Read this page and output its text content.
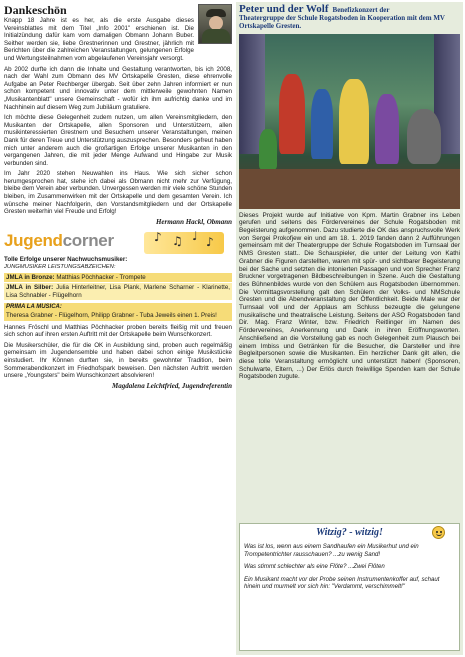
Dankeschön

Knapp 18 Jahre ist es her, als die erste Ausgabe dieses Vereinsblattes mit dem Titel „Info 2001" erschienen ist. Die Initialzündung dafür kam vom damaligen Obmann Johann Buber. Seither werden sie, liebe Grestnerinnen und Grestner, jährlich mit Berichten über die zahlreichen Veranstaltungen, gelungenen Erfolge und Wertungsteilnahmen vom abgelaufenen Vereinsjahr versorgt.

Ab 2002 durfte ich dann die Inhalte und Gestaltung verantworten, bis ich 2008, nach der Wahl zum Obmann des MV Ortskapelle Gresten, diese ehrenvolle Aufgabe an Peter Rechberger übergab. Seit über zehn Jahren informiert er nun schon kompetent und innovativ unter dem mittlerweile gewohnten Namen „Musikantenblatt" unsere Gemeinschaft - wofür ich ihm aufrichtig danke und im Nachhinein auf diesem Weg zum Jubiläum gratuliere.

Ich möchte diese Gelegenheit zudem nutzen, um allen Vereinsmitgliedern, den Musikanten der Ortskapelle, allen Sponsoren und Unterstützern, allen musikinteressierten Grestnern und Besuchern unserer Veranstaltungen, meinen Dank für deren Treue und Unterstützung auszusprechen. Besonders gefreut haben mich unter anderem auch die großartigen Erfolge unserer Musikanten in den vergangenen Jahren, die mit jeder Menge Aufwand und Hingabe zur Musik verbunden sind.

Im Jahr 2020 stehen Neuwahlen ins Haus. Wie sich sicher schon herumgesprochen hat, stehe ich dabei als Obmann nicht mehr zur Verfügung, bleibe dem Verein aber verbunden. Unvergessen werden mir viele schöne Stunden bleiben, im Zusammenwirken mit der Ortskapelle und dem gesamten Verein. Ich wünsche meiner Nachfolgerin, den Vorstandsmitgliedern und der Ortskapelle Gresten weiterhin viel Freude und Erfolg!

Hermann Hackl, Obmann
Jugendcorner	♪ ♫ ♩ ♪
Tolle Erfolge unserer Nachwuchsmusiker:
JUNGMUSIKER LEISTUNGSABZEICHEN:
JMLA in Bronze: Matthias Pöchhacker - Trompete
JMLA in Silber: Julia Hinterleitner, Lisa Plank, Marlene Scharner - Klarinette, Lisa Schnabler - Flügelhorn
PRIMA LA MUSICA:
Theresa Grabner - Flügelhorn, Philipp Grabner - Tuba Jeweils einen 1. Preis!

Hannes Fröschl und Matthias Pöchhacker proben bereits fleißig mit und freuen sich schon auf ihren ersten Auftritt mit der Ortskapelle beim Wunschkonzert.

Die Musikerschüler, die für die OK in Ausbildung sind, proben auch regelmäßig gemeinsam im Jugendensemble und haben dabei schon einige Musikstücke einstudiert. Ihr Können durften sie, in bereits gewohnter Tradition, beim Sommerabendkonzert im Friedhofspark beweisen. Den nächsten Auftritt werden unsere „Youngsters" beim Wunschkonzert absolvieren!

Magdalena Leichtfried, Jugendreferentin
Peter und der Wolf Benefizkonzert der
Theatergruppe der Schule Rogatsboden in Kooperation mit dem MV Ortskapelle Gresten.

Dieses Projekt wurde auf Initiative von Kpm. Martin Grabner ins Leben gerufen und seitens des Fördervereines der Schule Rogatsboden mit Begeisterung aufgenommen. Dazu studierte die OK das anspruchsvolle Werk von Sergei Prokofjew ein und am 18. 1. 2019 fanden dann 2 Aufführungen gemeinsam mit der Theatergruppe der Schule Rogatsboden im Turnsaal der NMS Gresten statt.. Die Schauspieler, die unter der Leitung von Kathi Grabner die Figuren darstellten, waren mit spür- und sichtbarer Begeisterung bei der Sache und setzten die intonierten Passagen und von Sprecher Franz Bruckner vorgetragenen Bildbeschreibungen in Szene. Auch die Gestaltung des Bühnenbildes wurde von den Schülern aus Rogatsboden übernommen. Die Vormittagsvorstellung galt den Schülern der Volks- und NMSchule Gresten und die Abendveranstaltung der Öffentlichkeit. Beide Male war der Turnsaal voll und der Applaus am Schluss bezeugte die gelungene musikalische und theatralische Leistung. Seitens der ASO Rogatsboden fand Dir. Mag. Franz Winter, bzw. Friedrich Reitlinger im Namen des Fördervereines, Anerkennung und Dank in ihren Eröffnungsworten. Anschließend an die Vorstellung gab es noch Gelegenheit zum Plausch bei einem Imbiss und Getränken für die Besucher, die Darsteller und ihre Begleitpersonen sowie die Musikanten. Ein herzlicher Dank gilt allen, die diese tolle Veranstaltung ermöglicht und unterstützt haben! (Sponsoren, Schulwarte, Eltern, ...) Der Erlös durch freiwillige Spenden kam der Schule Rogatsboden zugute.

Witzig? - witzig!

Was ist los, wenn aus einem Sandhaufen ein Musikerhut und ein Trompetentrichter rausschauen? ...zu wenig Sand!

Was stimmt schlechter als eine Flöte? ...Zwei Flöten

Ein Musikant macht vor der Probe seinen Instrumentenkoffer auf, schaut hinein und murmelt vor sich hin: "Verdammt, verschimmelt!"
